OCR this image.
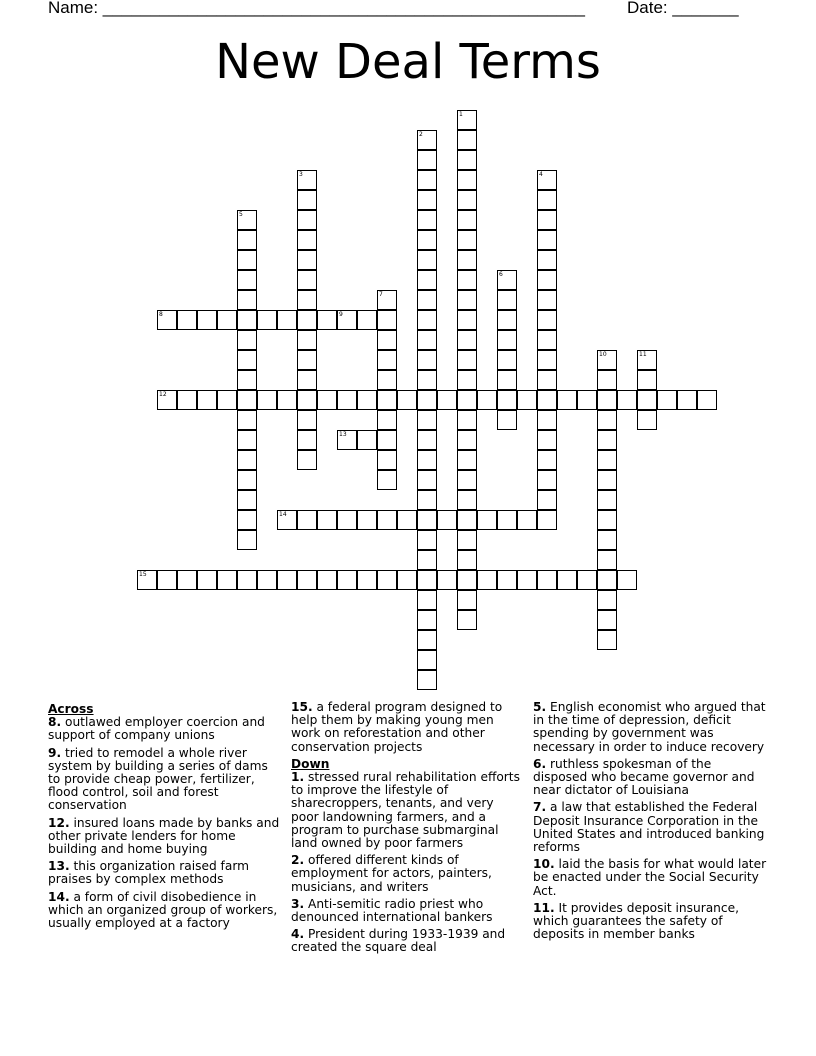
Name: ___________________________________________________ Date: _______
New Deal Terms
1
2
3	4
5
6
7
8	9
10	11
12
13
14
15
Across
8. outlawed employer coercion and support of company unions
9. tried to remodel a whole river system by building a series of dams to provide cheap power, fertilizer, flood control, soil and forest conservation
12. insured loans made by banks and other private lenders for home building and home buying
13. this organization raised farm praises by complex methods
14. a form of civil disobedience in which an organized group of workers, usually employed at a factory
15. a federal program designed to help them by making young men work on reforestation and other conservation projects
Down
1. stressed rural rehabilitation efforts to improve the lifestyle of sharecroppers, tenants, and very poor landowning farmers, and a program to purchase submarginal land owned by poor farmers
2. offered different kinds of employment for actors, painters, musicians, and writers
3. Anti-semitic radio priest who denounced international bankers
4. President during 1933-1939 and created the square deal
5. English economist who argued that in the time of depression, deficit spending by government was necessary in order to induce recovery
6. ruthless spokesman of the disposed who became governor and near dictator of Louisiana
7. a law that established the Federal Deposit Insurance Corporation in the United States and introduced banking reforms
10. laid the basis for what would later be enacted under the Social Security Act.
11. It provides deposit insurance, which guarantees the safety of deposits in member banks
